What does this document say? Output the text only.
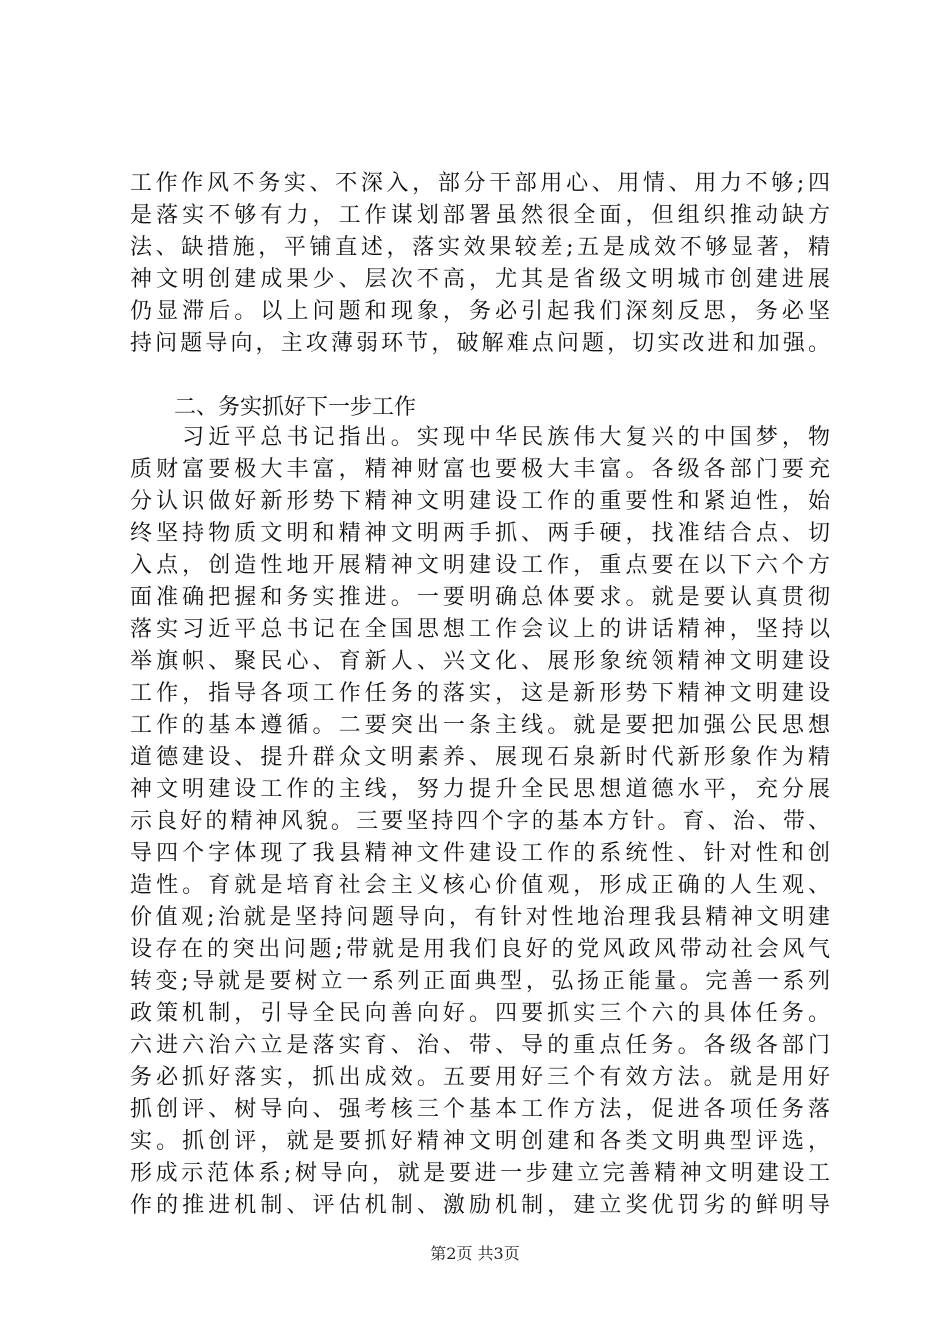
工作作风不务实、不深入，部分干部用心、用情、用力不够;四
是落实不够有力，工作谋划部署虽然很全面，但组织推动缺方
法、缺措施，平铺直述，落实效果较差;五是成效不够显著，精
神文明创建成果少、层次不高，尤其是省级文明城市创建进展
仍显滞后。以上问题和现象，务必引起我们深刻反思，务必坚
持问题导向，主攻薄弱环节，破解难点问题，切实改进和加强。
二、务实抓好下一步工作
　　习近平总书记指出。实现中华民族伟大复兴的中国梦，物
质财富要极大丰富，精神财富也要极大丰富。各级各部门要充
分认识做好新形势下精神文明建设工作的重要性和紧迫性，始
终坚持物质文明和精神文明两手抓、两手硬，找准结合点、切
入点，创造性地开展精神文明建设工作，重点要在以下六个方
面准确把握和务实推进。一要明确总体要求。就是要认真贯彻
落实习近平总书记在全国思想工作会议上的讲话精神，坚持以
举旗帜、聚民心、育新人、兴文化、展形象统领精神文明建设
工作，指导各项工作任务的落实，这是新形势下精神文明建设
工作的基本遵循。二要突出一条主线。就是要把加强公民思想
道德建设、提升群众文明素养、展现石泉新时代新形象作为精
神文明建设工作的主线，努力提升全民思想道德水平，充分展
示良好的精神风貌。三要坚持四个字的基本方针。育、治、带、
导四个字体现了我县精神文件建设工作的系统性、针对性和创
造性。育就是培育社会主义核心价值观，形成正确的人生观、
价值观;治就是坚持问题导向，有针对性地治理我县精神文明建
设存在的突出问题;带就是用我们良好的党风政风带动社会风气
转变;导就是要树立一系列正面典型，弘扬正能量。完善一系列
政策机制，引导全民向善向好。四要抓实三个六的具体任务。
六进六治六立是落实育、治、带、导的重点任务。各级各部门
务必抓好落实，抓出成效。五要用好三个有效方法。就是用好
抓创评、树导向、强考核三个基本工作方法，促进各项任务落
实。抓创评，就是要抓好精神文明创建和各类文明典型评选，
形成示范体系;树导向，就是要进一步建立完善精神文明建设工
作的推进机制、评估机制、激励机制，建立奖优罚劣的鲜明导
第2页 共3页
